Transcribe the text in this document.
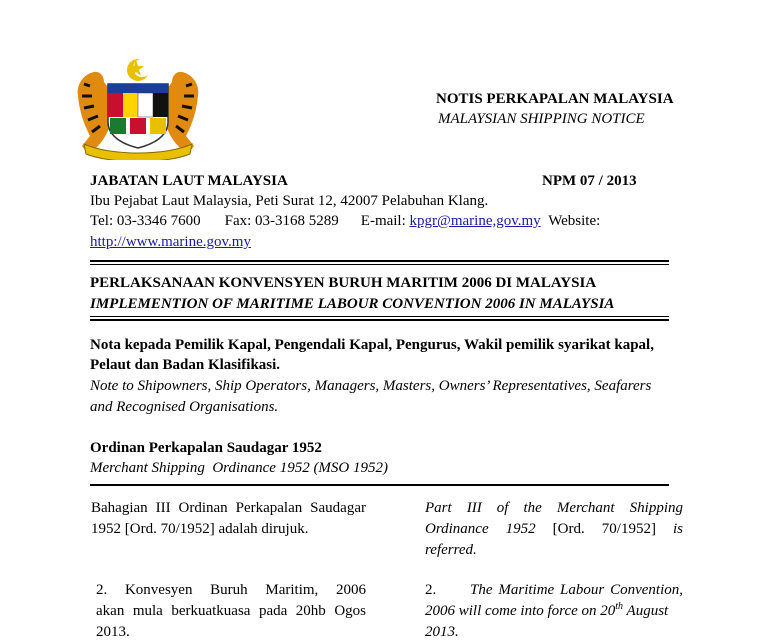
NOTIS PERKAPALAN MALAYSIA
MALAYSIAN SHIPPING NOTICE
JABATAN LAUT MALAYSIA	NPM 07 / 2013
Ibu Pejabat Laut Malaysia, Peti Surat 12, 42007 Pelabuhan Klang.
Tel: 03-3346 7600 Fax: 03-3168 5289 E-mail: kpgr@marine,gov.my Website:
http://www.marine.gov.my
PERLAKSANAAN KONVENSYEN BURUH MARITIM 2006 DI MALAYSIA
IMPLEMENTION OF MARITIME LABOUR CONVENTION 2006 IN MALAYSIA
Nota kepada Pemilik Kapal, Pengendali Kapal, Pengurus, Wakil pemilik syarikat kapal,
Pelaut dan Badan Klasifikasi.
Note to Shipowners, Ship Operators, Managers, Masters, Owners’ Representatives, Seafarers
and Recognised Organisations.
Ordinan Perkapalan Saudagar 1952
Merchant Shipping  Ordinance 1952 (MSO 1952)
Bahagian III Ordinan Perkapalan Saudagar
1952 [Ord. 70/1952] adalah dirujuk.
Part III of the Merchant Shipping
Ordinance 1952 [Ord. 70/1952] is
referred.
2. Konvesyen Buruh Maritim, 2006
akan mula berkuatkuasa pada 20hb Ogos
2013.
2. The Maritime Labour Convention,
2006 will come into force on 20th August
2013.
